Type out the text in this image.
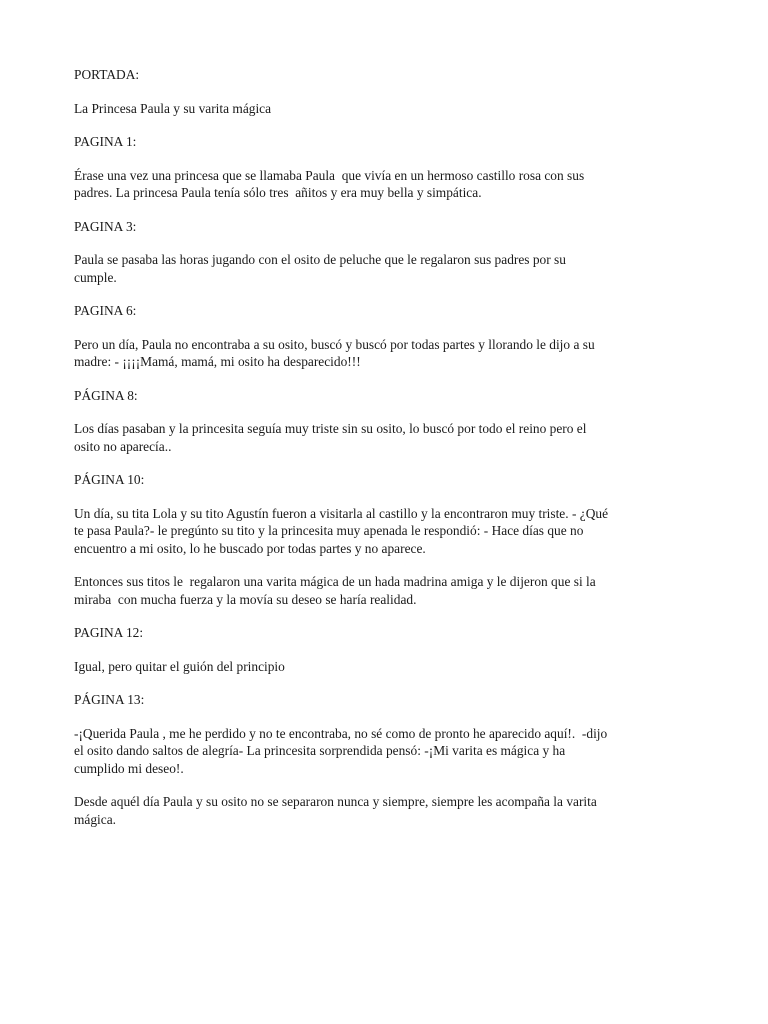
PORTADA:

La Princesa Paula y su varita mágica

PAGINA 1:

Érase una vez una princesa que se llamaba Paula  que vivía en un hermoso castillo rosa con sus
padres. La princesa Paula tenía sólo tres  añitos y era muy bella y simpática.

PAGINA 3:

Paula se pasaba las horas jugando con el osito de peluche que le regalaron sus padres por su
cumple.

PAGINA 6:

Pero un día, Paula no encontraba a su osito, buscó y buscó por todas partes y llorando le dijo a su
madre: - ¡¡¡¡Mamá, mamá, mi osito ha desparecido!!!

PÁGINA 8:

Los días pasaban y la princesita seguía muy triste sin su osito, lo buscó por todo el reino pero el
osito no aparecía..

PÁGINA 10:

Un día, su tita Lola y su tito Agustín fueron a visitarla al castillo y la encontraron muy triste. - ¿Qué
te pasa Paula?- le pregúnto su tito y la princesita muy apenada le respondió: - Hace días que no
encuentro a mi osito, lo he buscado por todas partes y no aparece.

Entonces sus titos le  regalaron una varita mágica de un hada madrina amiga y le dijeron que si la
miraba  con mucha fuerza y la movía su deseo se haría realidad.

PAGINA 12:

Igual, pero quitar el guión del principio

PÁGINA 13:

-¡Querida Paula , me he perdido y no te encontraba, no sé como de pronto he aparecido aquí!.  -dijo
el osito dando saltos de alegría- La princesita sorprendida pensó: -¡Mi varita es mágica y ha
cumplido mi deseo!.

Desde aquél día Paula y su osito no se separaron nunca y siempre, siempre les acompaña la varita
mágica.
